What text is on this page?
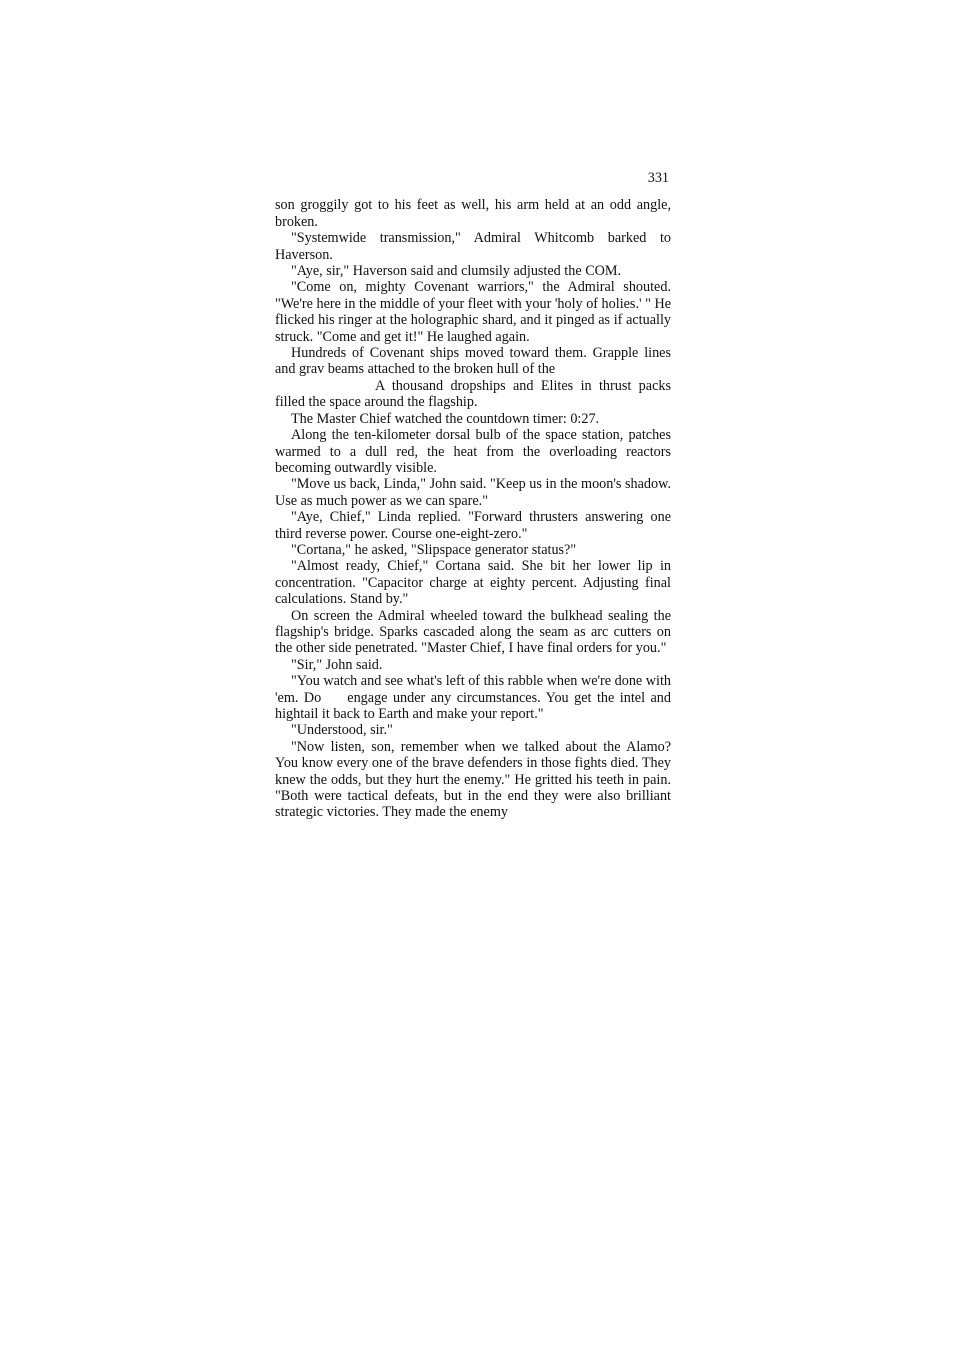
331

son groggily got to his feet as well, his arm held at an odd angle, broken.

"Systemwide transmission," Admiral Whitcomb barked to Haverson.

"Aye, sir," Haverson said and clumsily adjusted the COM.

"Come on, mighty Covenant warriors," the Admiral shouted. "We're here in the middle of your fleet with your 'holy of holies.' " He flicked his ringer at the holographic shard, and it pinged as if actually struck. "Come and get it!" He laughed again.

Hundreds of Covenant ships moved toward them. Grapple lines and grav beams attached to the broken hull of the
A thousand dropships and Elites in thrust packs filled the space around the flagship.

The Master Chief watched the countdown timer: 0:27.

Along the ten-kilometer dorsal bulb of the space station, patches warmed to a dull red, the heat from the overloading reactors becoming outwardly visible.

"Move us back, Linda," John said. "Keep us in the moon's shadow. Use as much power as we can spare."

"Aye, Chief," Linda replied. "Forward thrusters answering one third reverse power. Course one-eight-zero."

"Cortana," he asked, "Slipspace generator status?"

"Almost ready, Chief," Cortana said. She bit her lower lip in concentration. "Capacitor charge at eighty percent. Adjusting final calculations. Stand by."

On screen the Admiral wheeled toward the bulkhead sealing the flagship's bridge. Sparks cascaded along the seam as arc cutters on the other side penetrated. "Master Chief, I have final orders for you."

"Sir," John said.

"You watch and see what's left of this rabble when we're done with 'em. Do engage under any circumstances. You get the intel and hightail it back to Earth and make your report."

"Understood, sir."

"Now listen, son, remember when we talked about the Alamo? You know every one of the brave defenders in those fights died. They knew the odds, but they hurt the enemy." He gritted his teeth in pain. "Both were tactical defeats, but in the end they were also brilliant strategic victories. They made the enemy
